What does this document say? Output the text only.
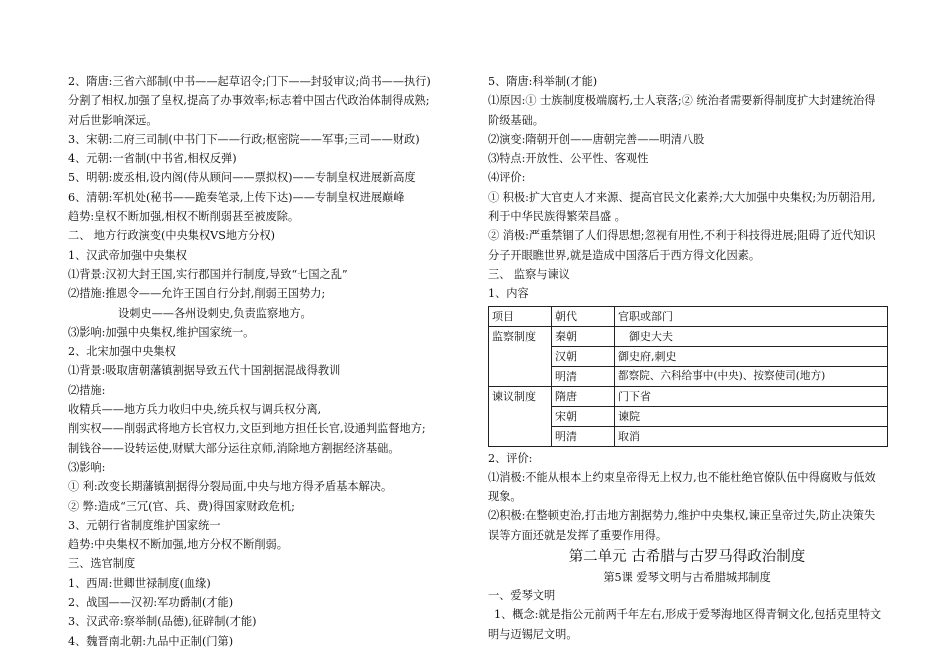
2、隋唐:三省六部制(中书——起草诏令;门下——封驳审议;尚书——执行)
分割了相权,加强了皇权,提高了办事效率;标志着中国古代政治体制得成熟;
对后世影响深远。
3、宋朝:二府三司制(中书门下——行政;枢密院——军事;三司——财政)
4、元朝:一省制(中书省,相权反弹)
5、明朝:废丞相,设内阁(侍从顾问——票拟权)——专制皇权进展新高度
6、清朝:军机处(秘书——跪奏笔录,上传下达)——专制皇权进展巅峰
趋势:皇权不断加强,相权不断削弱甚至被废除。
二、 地方行政演变(中央集权VS地方分权)
1、汉武帝加强中央集权
⑴背景:汉初大封王国,实行郡国并行制度,导致“七国之乱”
⑵措施:推恩令——允许王国自行分封,削弱王国势力;
设刺史——各州设刺史,负责监察地方。
⑶影响:加强中央集权,维护国家统一。
2、北宋加强中央集权
⑴背景:吸取唐朝藩镇割据导致五代十国割据混战得教训
⑵措施:
收精兵——地方兵力收归中央,统兵权与调兵权分离,
削实权——削弱武将地方长官权力,文臣到地方担任长官,设通判监督地方;
制钱谷——设转运使,财赋大部分运往京师,消除地方割据经济基础。
⑶影响:
① 利:改变长期藩镇割据得分裂局面,中央与地方得矛盾基本解决。
② 弊:造成“三冗(官、兵、费)得国家财政危机;
3、元朝行省制度维护国家统一
趋势:中央集权不断加强,地方分权不断削弱。
三、选官制度
1、西周:世卿世禄制度(血缘)
2、战国——汉初:军功爵制(才能)
3、汉武帝:察举制(品德),征辟制(才能)
4、魏晋南北朝:九品中正制(门第)
5、隋唐:科举制(才能)
⑴原因:① 士族制度极端腐朽,士人衰落;② 统治者需要新得制度扩大封建统治得阶级基础。
⑵演变:隋朝开创——唐朝完善——明清八股
⑶特点:开放性、公平性、客观性
⑷评价:
① 积极:扩大官吏人才来源、提高官民文化素养;大大加强中央集权;为历朝沿用,利于中华民族得繁荣昌盛 。
② 消极:严重禁锢了人们得思想;忽视有用性,不利于科技得进展;阻碍了近代知识分子开眼瞧世界,就是造成中国落后于西方得文化因素。
三、 监察与谏议
1、内容
项目	朝代	官职或部门
监察制度	秦朝	　御史大夫
	汉朝	御史府,刺史
	明清	都察院、六科给事中(中央)、按察使司(地方)
谏议制度	隋唐	门下省
	宋朝	谏院
	明清	取消
2、评价:
⑴消极:不能从根本上约束皇帝得无上权力,也不能杜绝官僚队伍中得腐败与低效现象。
⑵积极:在整顿吏治,打击地方割据势力,维护中央集权,谏正皇帝过失,防止决策失误等方面还就是发挥了重要作用得。
第二单元 古希腊与古罗马得政治制度
第5课 爱琴文明与古希腊城邦制度
一、爱琴文明
1、概念:就是指公元前两千年左右,形成于爱琴海地区得青铜文化,包括克里特文明与迈锡尼文明。
